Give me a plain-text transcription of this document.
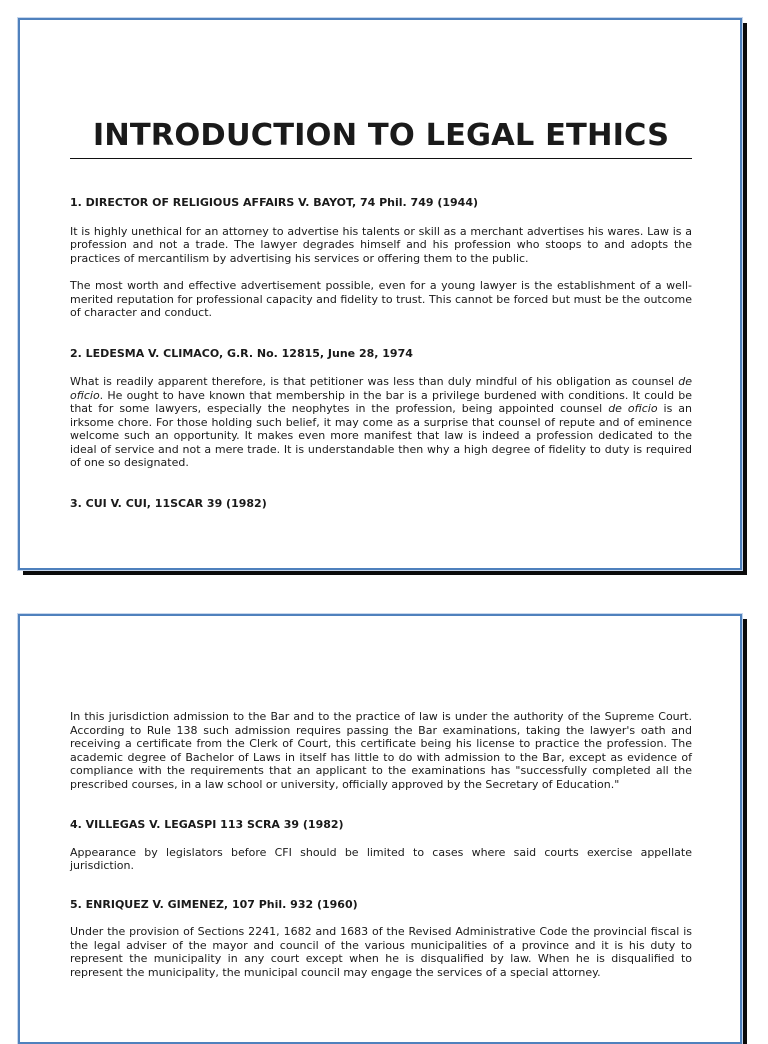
INTRODUCTION TO LEGAL ETHICS

1. DIRECTOR OF RELIGIOUS AFFAIRS V. BAYOT, 74 Phil. 749 (1944)

It is highly unethical for an attorney to advertise his talents or skill as a merchant advertises his wares. Law is a profession and not a trade. The lawyer degrades himself and his profession who stoops to and adopts the practices of mercantilism by advertising his services or offering them to the public.

The most worth and effective advertisement possible, even for a young lawyer is the establishment of a well-merited reputation for professional capacity and fidelity to trust. This cannot be forced but must be the outcome of character and conduct.

2. LEDESMA V. CLIMACO, G.R. No. 12815, June 28, 1974

What is readily apparent therefore, is that petitioner was less than duly mindful of his obligation as counsel de oficio. He ought to have known that membership in the bar is a privilege burdened with conditions. It could be that for some lawyers, especially the neophytes in the profession, being appointed counsel de oficio is an irksome chore. For those holding such belief, it may come as a surprise that counsel of repute and of eminence welcome such an opportunity. It makes even more manifest that law is indeed a profession dedicated to the ideal of service and not a mere trade. It is understandable then why a high degree of fidelity to duty is required of one so designated.

3. CUI V. CUI, 11SCAR 39 (1982)

In this jurisdiction admission to the Bar and to the practice of law is under the authority of the Supreme Court. According to Rule 138 such admission requires passing the Bar examinations, taking the lawyer's oath and receiving a certificate from the Clerk of Court, this certificate being his license to practice the profession. The academic degree of Bachelor of Laws in itself has little to do with admission to the Bar, except as evidence of compliance with the requirements that an applicant to the examinations has "successfully completed all the prescribed courses, in a law school or university, officially approved by the Secretary of Education."

4. VILLEGAS V. LEGASPI 113 SCRA 39 (1982)

Appearance by legislators before CFI should be limited to cases where said courts exercise appellate jurisdiction.

5. ENRIQUEZ V. GIMENEZ, 107 Phil. 932 (1960)

Under the provision of Sections 2241, 1682 and 1683 of the Revised Administrative Code the provincial fiscal is the legal adviser of the mayor and council of the various municipalities of a province and it is his duty to represent the municipality in any court except when he is disqualified by law. When he is disqualified to represent the municipality, the municipal council may engage the services of a special attorney.
